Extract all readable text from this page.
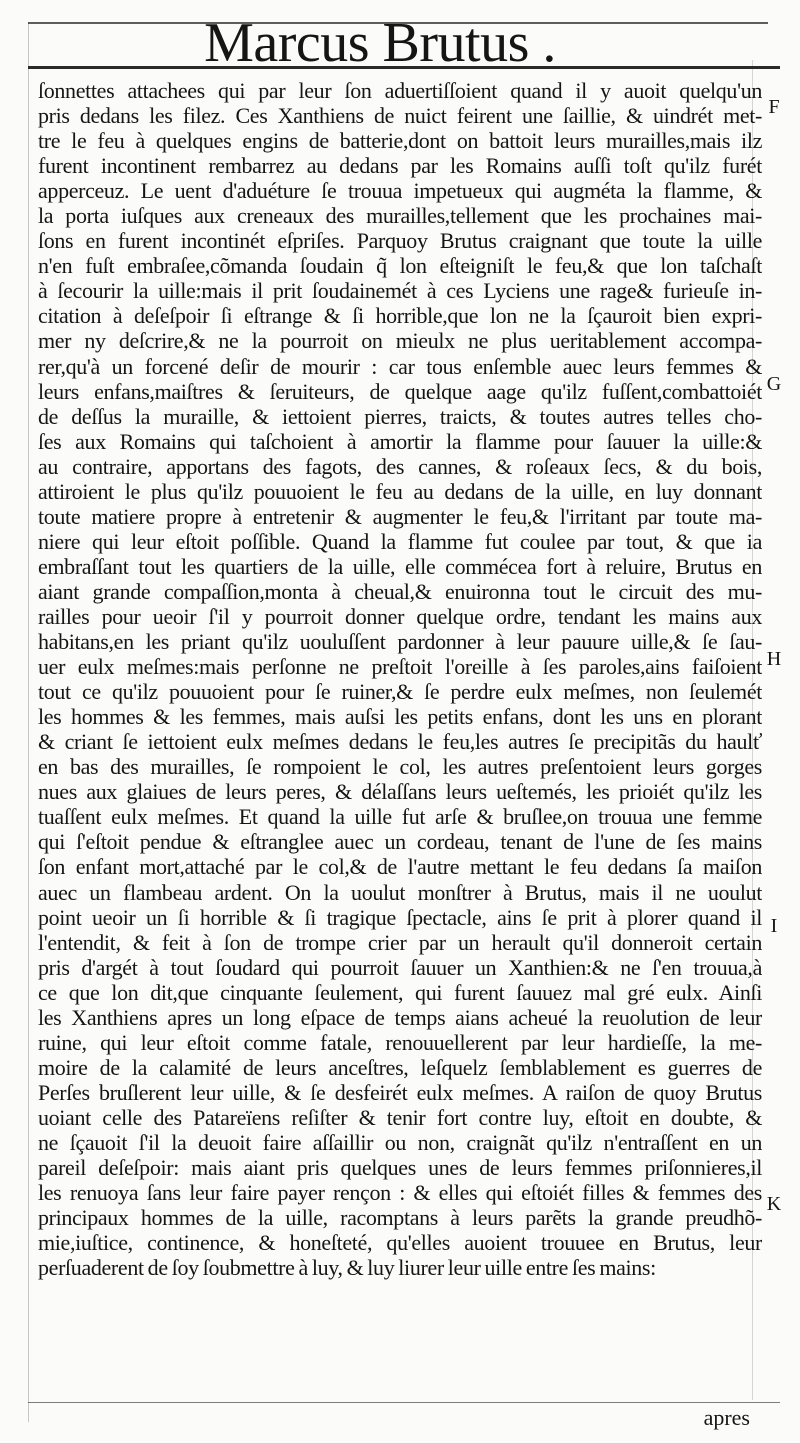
Marcus Brutus .
ſonnettes attachees qui par leur ſon aduertiſſoient quand il y auoit quelqu'un
pris dedans les filez. Ces Xanthiens de nuict feirent une ſaillie, & uindrét met-
tre le feu à quelques engins de batterie,dont on battoit leurs murailles,mais ilz
furent incontinent rembarrez au dedans par les Romains auſſi toſt qu'ilz furét
apperceuz. Le uent d'aduéture ſe trouua impetueux qui augméta la flamme, &
la porta iuſques aux creneaux des murailles,tellement que les prochaines mai-
ſons en furent incontinét eſpriſes. Parquoy Brutus craignant que toute la uille
n'en fuſt embraſee,cõmanda ſoudain q̃ lon eſteigniſt le feu,& que lon taſchaſt
à ſecourir la uille:mais il prit ſoudainemét à ces Lyciens une rage& furieuſe in-
citation à deſeſpoir ſi eſtrange & ſi horrible,que lon ne la ſçauroit bien expri-
mer ny deſcrire,& ne la pourroit on mieulx ne plus ueritablement accompa-
rer,qu'à un forcené deſir de mourir : car tous enſemble auec leurs femmes &
leurs enfans,maiſtres & ſeruiteurs, de quelque aage qu'ilz fuſſent,combattoiét
de deſſus la muraille, & iettoient pierres, traicts, & toutes autres telles cho-
ſes aux Romains qui taſchoient à amortir la flamme pour ſauuer la uille:&
au contraire, apportans des fagots, des cannes, & roſeaux ſecs, & du bois,
attiroient le plus qu'ilz pouuoient le feu au dedans de la uille, en luy donnant
toute matiere propre à entretenir & augmenter le feu,& l'irritant par toute ma-
niere qui leur eſtoit poſſible. Quand la flamme fut coulee par tout, & que ia
embraſſant tout les quartiers de la uille, elle commécea fort à reluire, Brutus en
aiant grande compaſſion,monta à cheual,& enuironna tout le circuit des mu-
railles pour ueoir ſ'il y pourroit donner quelque ordre, tendant les mains aux
habitans,en les priant qu'ilz uouluſſent pardonner à leur pauure uille,& ſe ſau-
uer eulx meſmes:mais perſonne ne preſtoit l'oreille à ſes paroles,ains faiſoient
tout ce qu'ilz pouuoient pour ſe ruiner,& ſe perdre eulx meſmes, non ſeulemét
les hommes & les femmes, mais auſsi les petits enfans, dont les uns en plorant
& criant ſe iettoient eulx meſmes dedans le feu,les autres ſe precipitãs du haulť
en bas des murailles, ſe rompoient le col, les autres preſentoient leurs gorges
nues aux glaiues de leurs peres, & délaſſans leurs ueſtemés, les prioiét qu'ilz les
tuaſſent eulx meſmes. Et quand la uille fut arſe & bruſlee,on trouua une femme
qui ſ'eſtoit pendue & eſtranglee auec un cordeau, tenant de l'une de ſes mains
ſon enfant mort,attaché par le col,& de l'autre mettant le feu dedans ſa maiſon
auec un flambeau ardent. On la uoulut monſtrer à Brutus, mais il ne uoulut
point ueoir un ſi horrible & ſi tragique ſpectacle, ains ſe prit à plorer quand il
l'entendit, & feit à ſon de trompe crier par un herault qu'il donneroit certain
pris d'argét à tout ſoudard qui pourroit ſauuer un Xanthien:& ne ſ'en trouua,à
ce que lon dit,que cinquante ſeulement, qui furent ſauuez mal gré eulx. Ainſi
les Xanthiens apres un long eſpace de temps aians acheué la reuolution de leur
ruine, qui leur eſtoit comme fatale, renouuellerent par leur hardieſſe, la me-
moire de la calamité de leurs anceſtres, leſquelz ſemblablement es guerres de
Perſes bruſlerent leur uille, & ſe desfeirét eulx meſmes. A raiſon de quoy Brutus
uoiant celle des Patareïens reſiſter & tenir fort contre luy, eſtoit en doubte, &
ne ſçauoit ſ'il la deuoit faire aſſaillir ou non, craignãt qu'ilz n'entraſſent en un
pareil deſeſpoir: mais aiant pris quelques unes de leurs femmes priſonnieres,il
les renuoya ſans leur faire payer rençon : & elles qui eſtoiét filles & femmes des
principaux hommes de la uille, racomptans à leurs parẽts la grande preudhõ-
mie,iuſtice, continence, & honeſteté, qu'elles auoient trouuee en Brutus, leur
perſuaderent de ſoy ſoubmettre à luy, & luy liurer leur uille entre ſes mains:
F
G
H
I
K
apres
